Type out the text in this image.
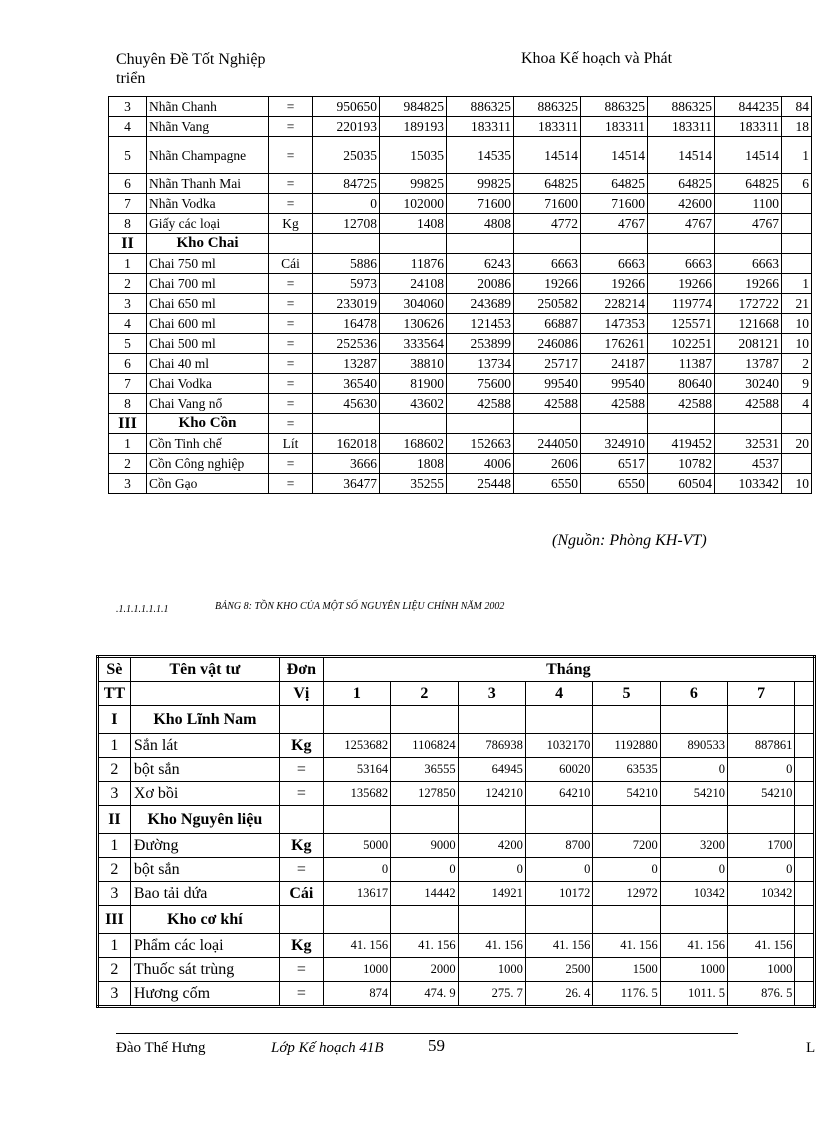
Chuyên Đề Tốt Nghiệp
triển
Khoa Kế hoạch và Phát
3	Nhãn Chanh	=	950650	984825	886325	886325	886325	886325	844235	84
4	Nhãn Vang	=	220193	189193	183311	183311	183311	183311	183311	18
5	Nhãn Champagne	=	25035	15035	14535	14514	14514	14514	14514	1
6	Nhãn Thanh Mai	=	84725	99825	99825	64825	64825	64825	64825	6
7	Nhãn Vodka	=	0	102000	71600	71600	71600	42600	1100	
8	Giấy các loại	Kg	12708	1408	4808	4772	4767	4767	4767	
II	Kho Chai									
1	Chai 750 ml	Cái	5886	11876	6243	6663	6663	6663	6663	
2	Chai 700 ml	=	5973	24108	20086	19266	19266	19266	19266	1
3	Chai 650 ml	=	233019	304060	243689	250582	228214	119774	172722	21
4	Chai 600 ml	=	16478	130626	121453	66887	147353	125571	121668	10
5	Chai 500 ml	=	252536	333564	253899	246086	176261	102251	208121	10
6	Chai 40 ml	=	13287	38810	13734	25717	24187	11387	13787	2
7	Chai Vodka	=	36540	81900	75600	99540	99540	80640	30240	9
8	Chai Vang nổ	=	45630	43602	42588	42588	42588	42588	42588	4
III	Kho Cồn	=								
1	Cồn Tinh chế	Lít	162018	168602	152663	244050	324910	419452	32531	20
2	Cồn Công nghiệp	=	3666	1808	4006	2606	6517	10782	4537	
3	Cồn Gạo	=	36477	35255	25448	6550	6550	60504	103342	10
(Nguồn: Phòng KH-VT)
.1.1.1.1.1.1.1	BẢNG 8: TỒN KHO CỦA MỘT SỐ NGUYÊN LIỆU CHÍNH NĂM 2002
Sè	Tên vật tư	Đơn	Tháng							
TT		Vị	1	2	3	4	5	6	7	
I	Kho Lĩnh Nam									
1	Sắn lát	Kg	1253682	1106824	786938	1032170	1192880	890533	887861	
2	bột sắn	=	53164	36555	64945	60020	63535	0	0	
3	Xơ bồi	=	135682	127850	124210	64210	54210	54210	54210	
II	Kho Nguyên liệu									
1	Đường	Kg	5000	9000	4200	8700	7200	3200	1700	
2	bột sắn	=	0	0	0	0	0	0	0	
3	Bao tải dứa	Cái	13617	14442	14921	10172	12972	10342	10342	
III	Kho cơ khí									
1	Phẩm các loại	Kg	41. 156	41. 156	41. 156	41. 156	41. 156	41. 156	41. 156	
2	Thuốc sát trùng	=	1000	2000	1000	2500	1500	1000	1000	
3	Hương cốm	=	874	474. 9	275. 7	26. 4	1176. 5	1011. 5	876. 5	
Đào Thế Hưng	Lớp Kế hoạch 41B	59	L
